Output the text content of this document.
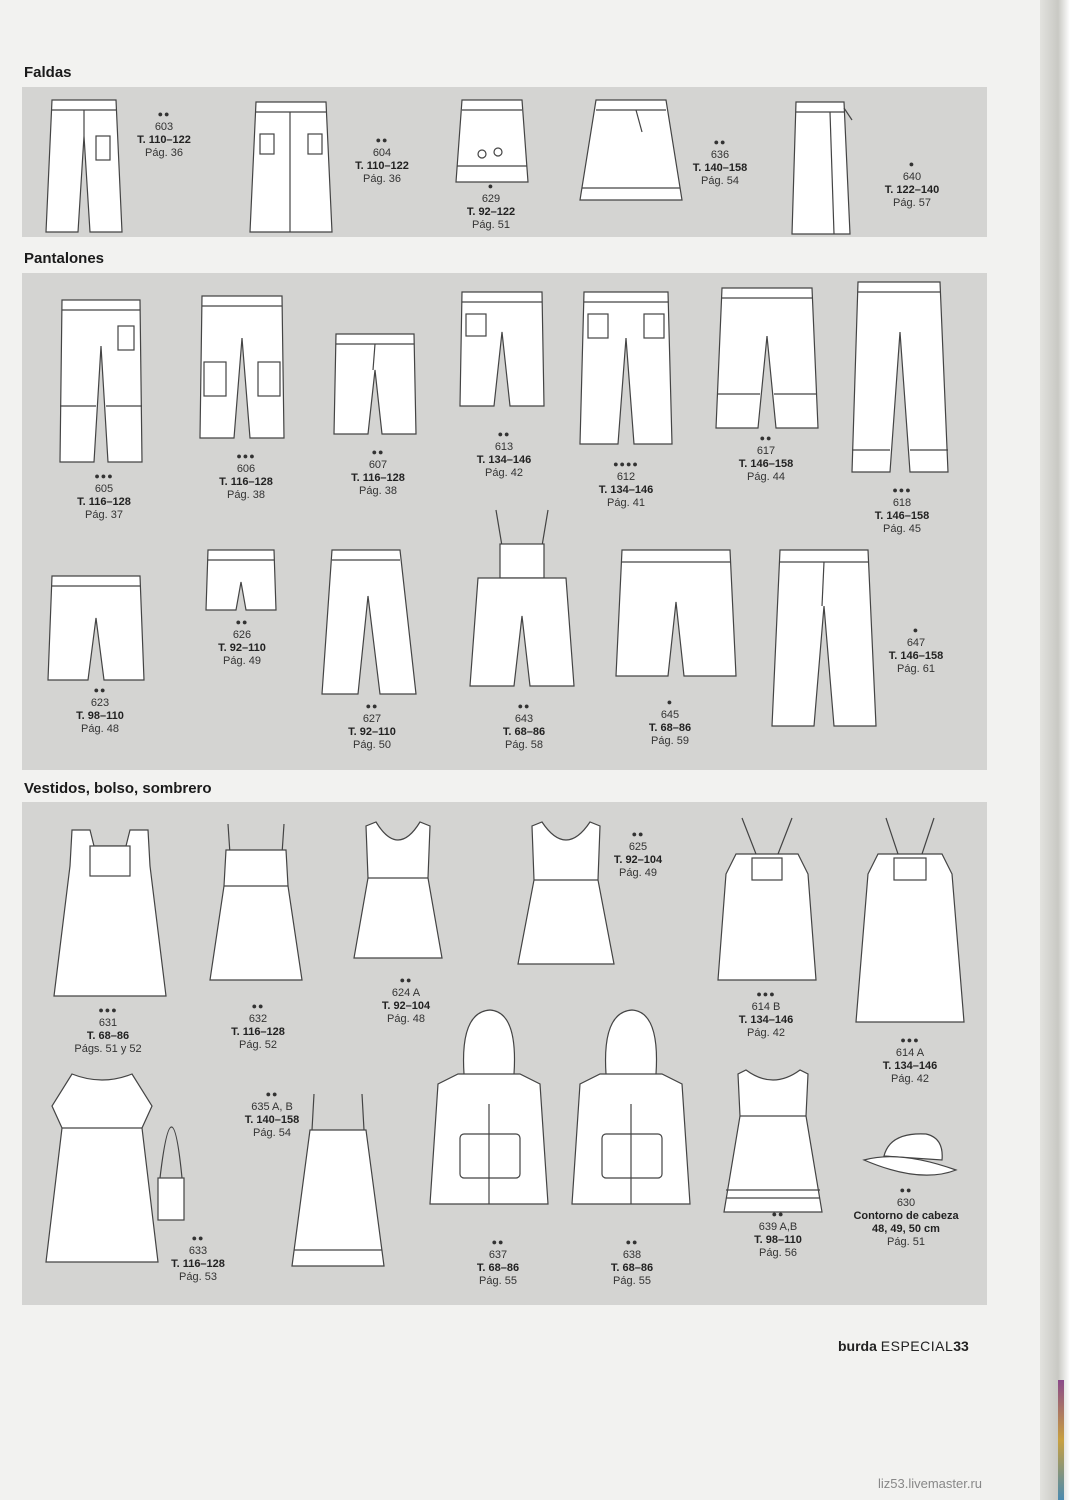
Faldas
Pantalones
Vestidos, bolso, sombrero
●●
603
T. 110–122
Pág. 36
●●
604
T. 110–122
Pág. 36
●
629
T. 92–122
Pág. 51
●●
636
T. 140–158
Pág. 54
●
640
T. 122–140
Pág. 57
●●●
605
T. 116–128
Pág. 37
●●●
606
T. 116–128
Pág. 38
●●
607
T. 116–128
Pág. 38
●●
613
T. 134–146
Pág. 42
●●●●
612
T. 134–146
Pág. 41
●●
617
T. 146–158
Pág. 44
●●●
618
T. 146–158
Pág. 45
●●
623
T. 98–110
Pág. 48
●●
626
T. 92–110
Pág. 49
●●
627
T. 92–110
Pág. 50
●●
643
T. 68–86
Pág. 58
●
645
T. 68–86
Pág. 59
●
647
T. 146–158
Pág. 61
●●●
631
T. 68–86
Págs. 51 y 52
●●
632
T. 116–128
Pág. 52
●●
624 A
T. 92–104
Pág. 48
●●
625
T. 92–104
Pág. 49
●●●
614 B
T. 134–146
Pág. 42
●●●
614 A
T. 134–146
Pág. 42
●●
633
T. 116–128
Pág. 53
●●
635 A, B
T. 140–158
Pág. 54
●●
637
T. 68–86
Pág. 55
●●
638
T. 68–86
Pág. 55
●●
639 A,B
T. 98–110
Pág. 56
●●
630
Contorno de cabeza
48, 49, 50 cm
Pág. 51
burda ESPECIAL33
liz53.livemaster.ru
